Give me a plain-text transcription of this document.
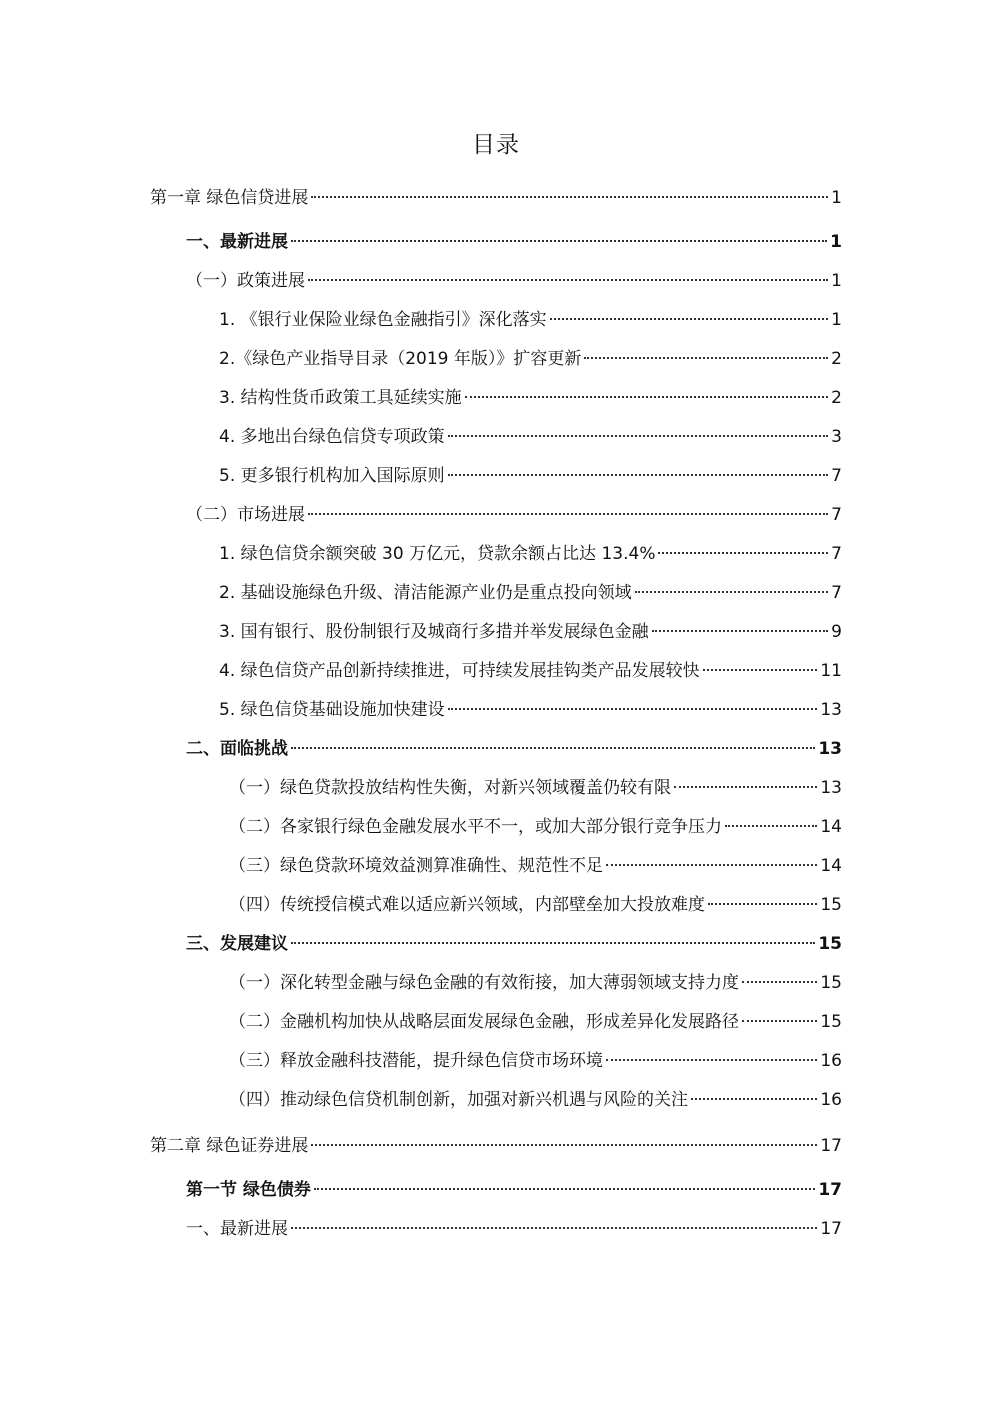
目录
第一章 绿色信贷进展	1
一、最新进展	1
（一）政策进展	1
1. 《银行业保险业绿色金融指引》深化落实	1
2.《绿色产业指导目录（2019 年版）》扩容更新	2
3. 结构性货币政策工具延续实施	2
4. 多地出台绿色信贷专项政策	3
5. 更多银行机构加入国际原则	7
（二）市场进展	7
1. 绿色信贷余额突破 30 万亿元，贷款余额占比达 13.4%	7
2. 基础设施绿色升级、清洁能源产业仍是重点投向领域	7
3. 国有银行、股份制银行及城商行多措并举发展绿色金融	9
4. 绿色信贷产品创新持续推进，可持续发展挂钩类产品发展较快	11
5. 绿色信贷基础设施加快建设	13
二、面临挑战	13
（一）绿色贷款投放结构性失衡，对新兴领域覆盖仍较有限	13
（二）各家银行绿色金融发展水平不一，或加大部分银行竞争压力	14
（三）绿色贷款环境效益测算准确性、规范性不足	14
（四）传统授信模式难以适应新兴领域，内部壁垒加大投放难度	15
三、发展建议	15
（一）深化转型金融与绿色金融的有效衔接，加大薄弱领域支持力度	15
（二）金融机构加快从战略层面发展绿色金融，形成差异化发展路径	15
（三）释放金融科技潜能，提升绿色信贷市场环境	16
（四）推动绿色信贷机制创新，加强对新兴机遇与风险的关注	16
第二章 绿色证券进展	17
第一节 绿色债券	17
一、最新进展	17
